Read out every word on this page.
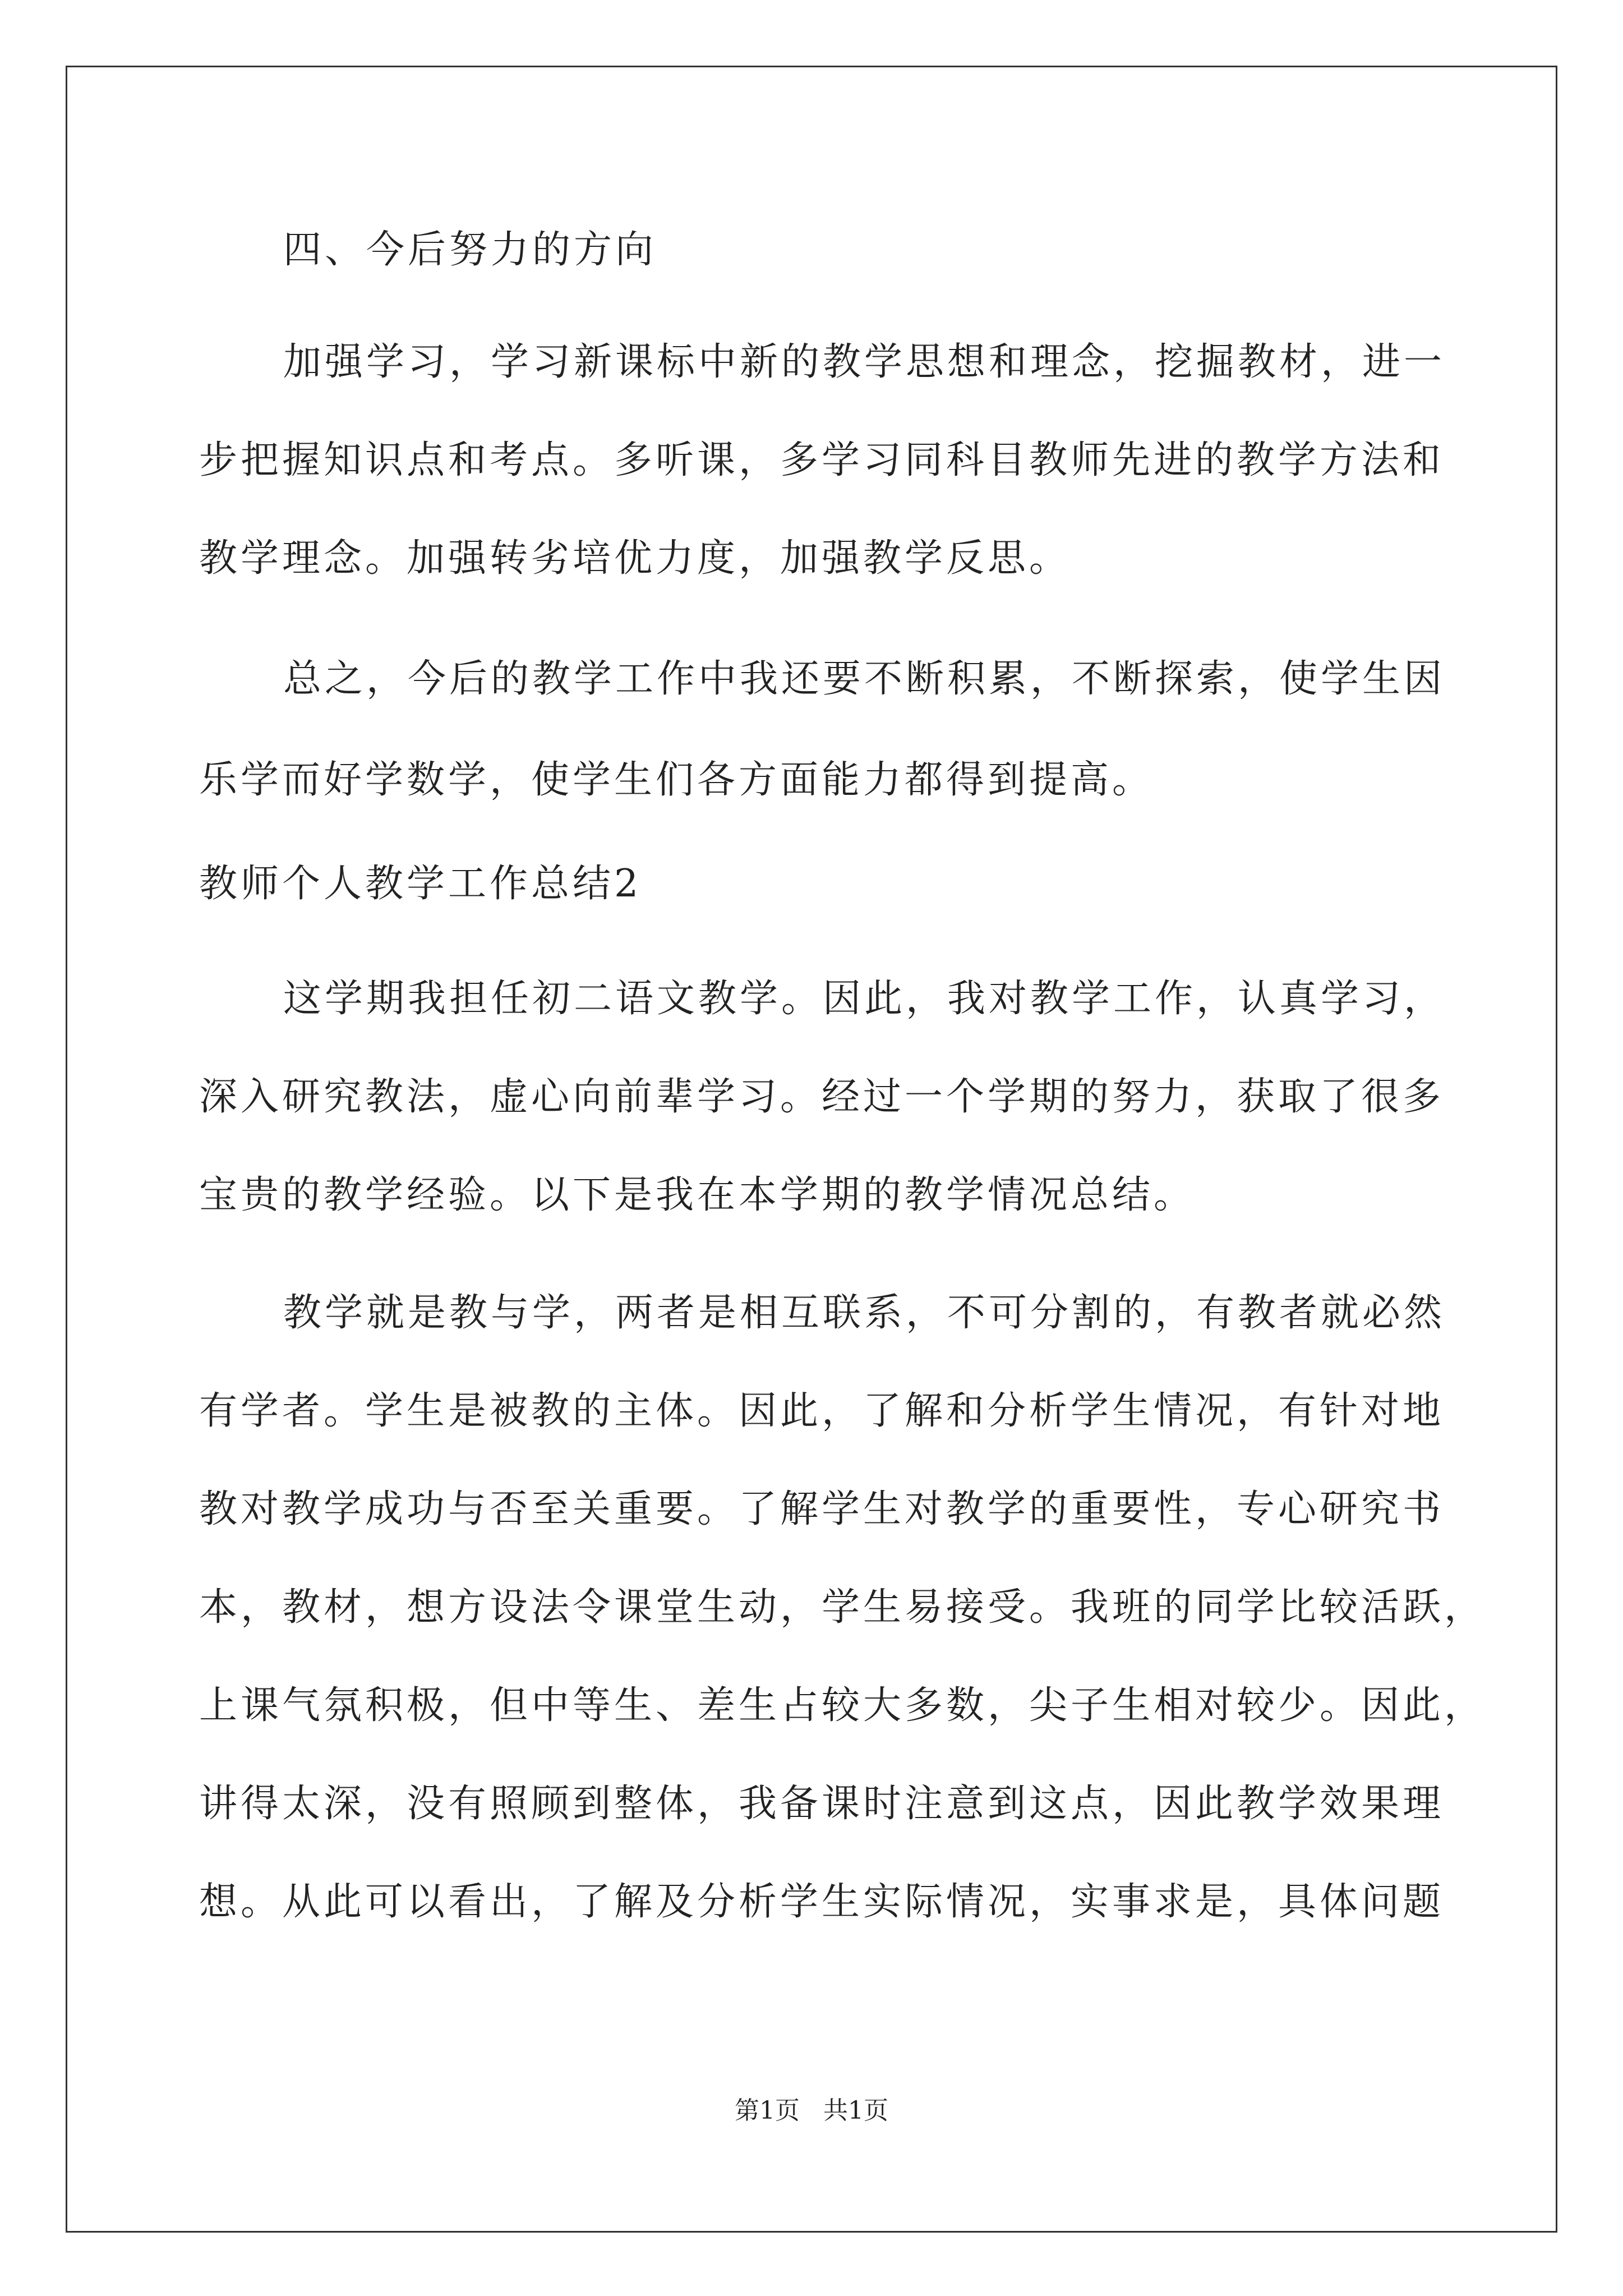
四、今后努力的方向
加强学习，学习新课标中新的教学思想和理念，挖掘教材，进一
步把握知识点和考点。多听课，多学习同科目教师先进的教学方法和
教学理念。加强转劣培优力度，加强教学反思。
总之，今后的教学工作中我还要不断积累，不断探索，使学生因
乐学而好学数学，使学生们各方面能力都得到提高。
教师个人教学工作总结2
这学期我担任初二语文教学。因此，我对教学工作，认真学习，
深入研究教法，虚心向前辈学习。经过一个学期的努力，获取了很多
宝贵的教学经验。以下是我在本学期的教学情况总结。
教学就是教与学，两者是相互联系，不可分割的，有教者就必然
有学者。学生是被教的主体。因此，了解和分析学生情况，有针对地
教对教学成功与否至关重要。了解学生对教学的重要性，专心研究书
本，教材，想方设法令课堂生动，学生易接受。我班的同学比较活跃，
上课气氛积极，但中等生、差生占较大多数，尖子生相对较少。因此，
讲得太深，没有照顾到整体，我备课时注意到这点，因此教学效果理
想。从此可以看出，了解及分析学生实际情况，实事求是，具体问题
第1页   共1页
